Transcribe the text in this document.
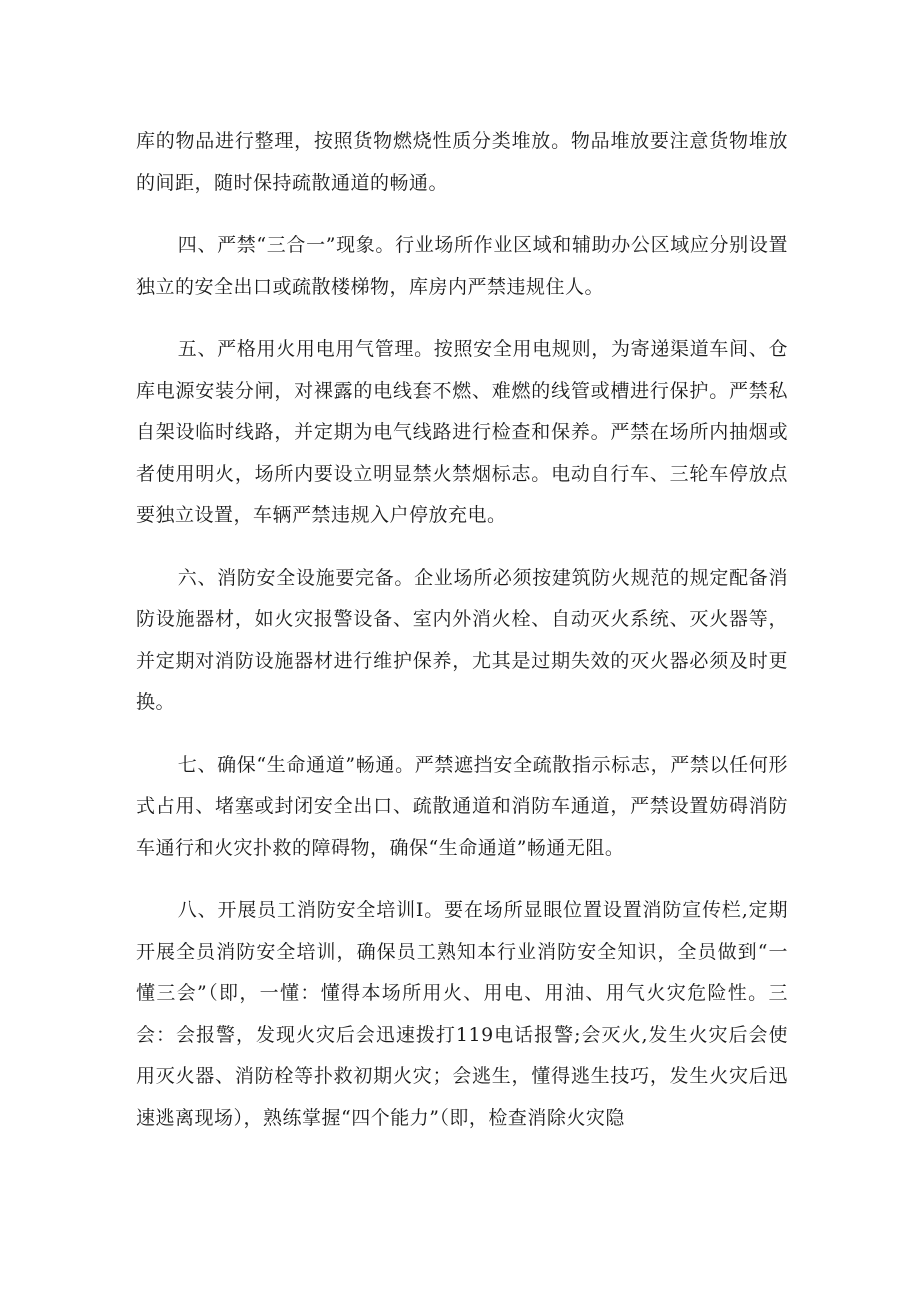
库的物品进行整理，按照货物燃烧性质分类堆放。物品堆放要注意货物堆放的间距，随时保持疏散通道的畅通。

四、严禁“三合一”现象。行业场所作业区域和辅助办公区域应分别设置独立的安全出口或疏散楼梯物，库房内严禁违规住人。

五、严格用火用电用气管理。按照安全用电规则，为寄递渠道车间、仓库电源安装分闸，对裸露的电线套不燃、难燃的线管或槽进行保护。严禁私自架设临时线路，并定期为电气线路进行检查和保养。严禁在场所内抽烟或者使用明火，场所内要设立明显禁火禁烟标志。电动自行车、三轮车停放点要独立设置，车辆严禁违规入户停放充电。

六、消防安全设施要完备。企业场所必须按建筑防火规范的规定配备消防设施器材，如火灾报警设备、室内外消火栓、自动灭火系统、灭火器等，并定期对消防设施器材进行维护保养，尤其是过期失效的灭火器必须及时更换。

七、确保“生命通道”畅通。严禁遮挡安全疏散指示标志，严禁以任何形式占用、堵塞或封闭安全出口、疏散通道和消防车通道，严禁设置妨碍消防车通行和火灾扑救的障碍物，确保“生命通道”畅通无阻。

八、开展员工消防安全培训I。要在场所显眼位置设置消防宣传栏,定期开展全员消防安全培训，确保员工熟知本行业消防安全知识，全员做到“一懂三会”（即，一懂：懂得本场所用火、用电、用油、用气火灾危险性。三会：会报警，发现火灾后会迅速拨打119电话报警;会灭火,发生火灾后会使用灭火器、消防栓等扑救初期火灾；会逃生，懂得逃生技巧，发生火灾后迅速逃离现场），熟练掌握“四个能力”（即，检查消除火灾隐
